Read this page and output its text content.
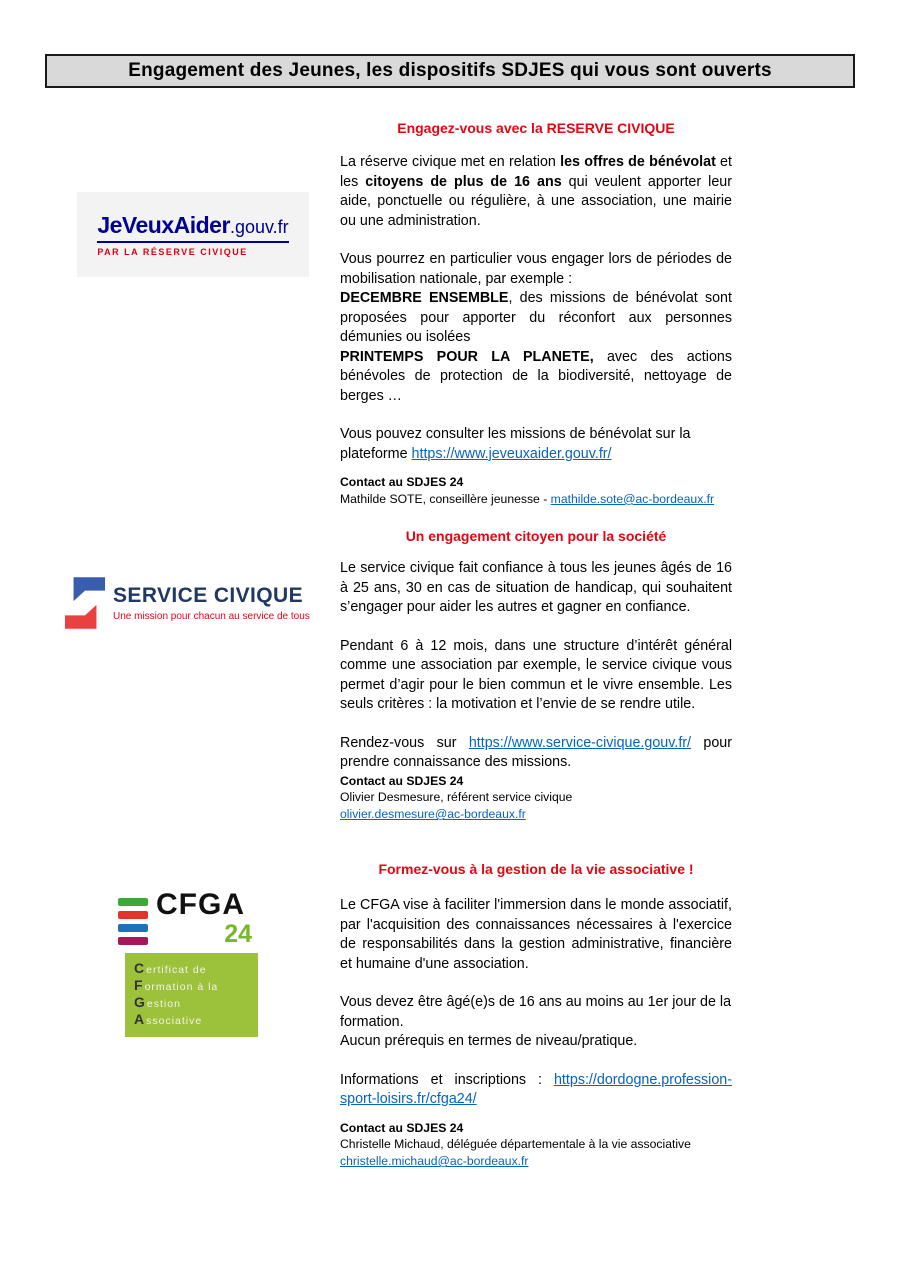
Engagement des Jeunes, les dispositifs SDJES qui vous sont ouverts
Engagez-vous avec la RESERVE CIVIQUE
JeVeuxAider.gouv.fr
PAR LA RÉSERVE CIVIQUE

La réserve civique met en relation les offres de bénévolat et les citoyens de plus de 16 ans qui veulent apporter leur aide, ponctuelle ou régulière, à une association, une mairie ou une administration.

Vous pourrez en particulier vous engager lors de périodes de mobilisation nationale, par exemple :

DECEMBRE ENSEMBLE, des missions de bénévolat sont proposées pour apporter du réconfort aux personnes démunies ou isolées

PRINTEMPS POUR LA PLANETE, avec des actions bénévoles de protection de la biodiversité, nettoyage de berges …

Vous pouvez consulter les missions de bénévolat sur la plateforme https://www.jeveuxaider.gouv.fr/

Contact au SDJES 24

Mathilde SOTE, conseillère jeunesse - mathilde.sote@ac-bordeaux.fr

Un engagement citoyen pour la société
SERVICE CIVIQUE
Une mission pour chacun au service de tous

Le service civique fait confiance à tous les jeunes âgés de 16 à 25 ans, 30 en cas de situation de handicap, qui souhaitent s’engager pour aider les autres et gagner en confiance.

Pendant 6 à 12 mois, dans une structure d’intérêt général comme une association par exemple, le service civique vous permet d’agir pour le bien commun et le vivre ensemble. Les seuls critères : la motivation et l’envie de se rendre utile.

Rendez-vous sur https://www.service-civique.gouv.fr/ pour prendre connaissance des missions.

Contact au SDJES 24

Olivier Desmesure, référent service civique

olivier.desmesure@ac-bordeaux.fr

Formez-vous à la gestion de la vie associative !
CFGA
24
Certificat de
Formation à la
Gestion
Associative

Le CFGA vise à faciliter l'immersion dans le monde associatif, par l'acquisition des connaissances nécessaires à l'exercice de responsabilités dans la gestion administrative, financière et humaine d'une association.

Vous devez être âgé(e)s de 16 ans au moins au 1er jour de la formation.

Aucun prérequis en termes de niveau/pratique.

Informations et inscriptions : https://dordogne.profession-sport-loisirs.fr/cfga24/

Contact au SDJES 24

Christelle Michaud, déléguée départementale à la vie associative

christelle.michaud@ac-bordeaux.fr
